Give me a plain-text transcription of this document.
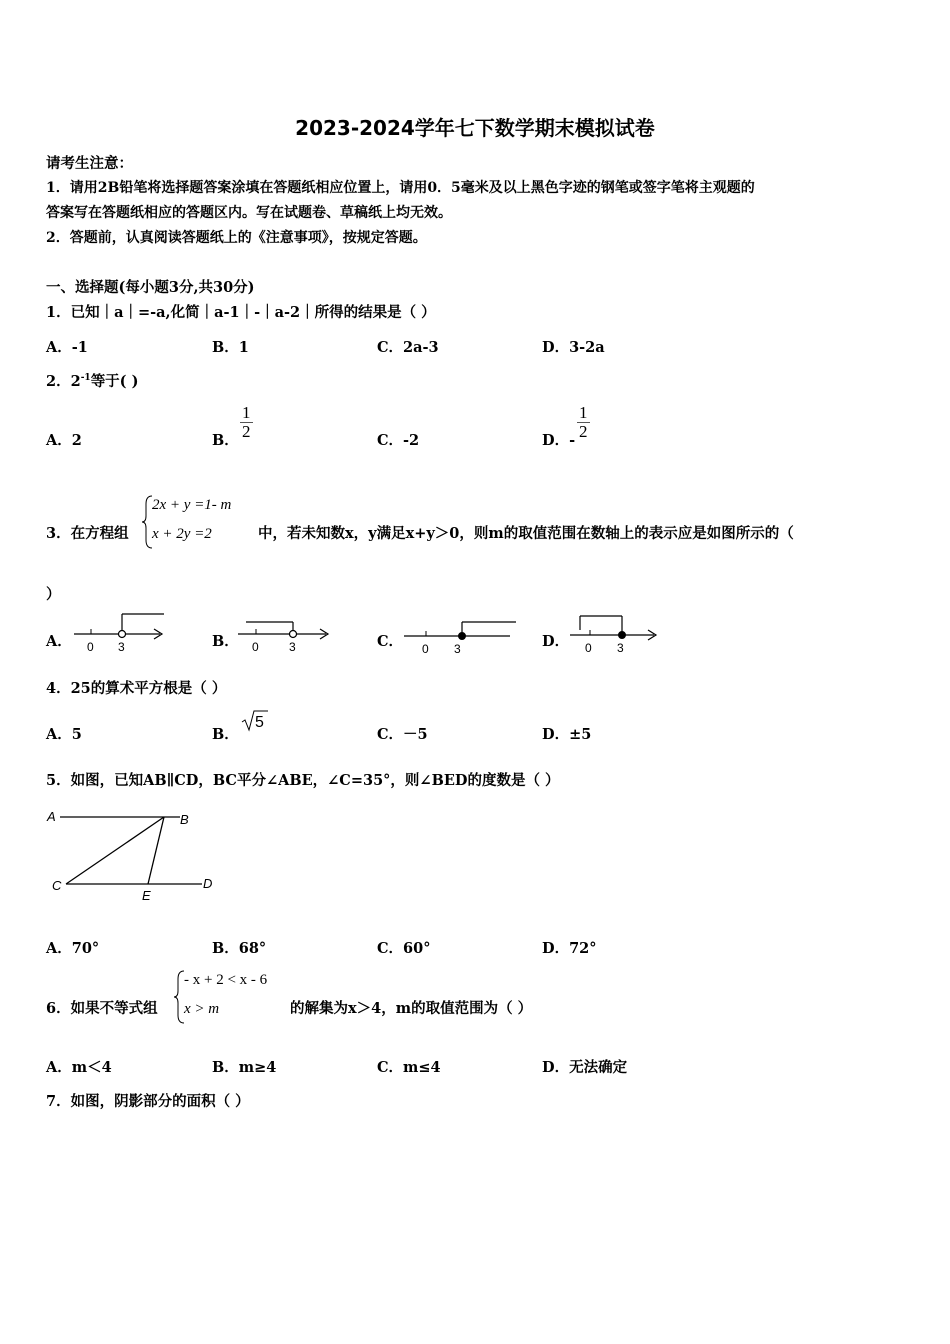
2023-2024学年七下数学期末模拟试卷
请考生注意：
1．请用2B铅笔将选择题答案涂填在答题纸相应位置上，请用0．5毫米及以上黑色字迹的钢笔或签字笔将主观题的
答案写在答题纸相应的答题区内。写在试题卷、草稿纸上均无效。
2．答题前，认真阅读答题纸上的《注意事项》，按规定答题。
一、选择题(每小题3分,共30分)
1．已知｜a｜=-a,化简｜a-1｜-｜a-2｜所得的结果是（ ）
A．-1	B．1	C．2a-3	D．3-2a
2．$2^{-1}$等于( )
A．2	B． $\frac{1}{2}$	C．-2	D．- $\frac{1}{2}$
3．在方程组
2x + y =1- m
x + 2y =2	中，若未知数x，y满足x+y＞0，则m的取值范围在数轴上的表示应是如图所示的（
）
A． 0 3	B． 0	3	C． 0 3	D． 0 3
4．25的算术平方根是（ ）
A．5	B．
5
C．－5	D．±5
5．如图，已知AB∥CD，BC平分∠ABE，∠C=35°，则∠BED的度数是（ ）
A	B
C	D
E
A．70°	B．68°	C．60°	D．72°
6．如果不等式组
- x + 2 < x - 6
x > m	的解集为x＞4，m的取值范围为（ ）
A．m＜4	B．m≥4	C．m≤4	D．无法确定
7．如图，阴影部分的面积（ ）
